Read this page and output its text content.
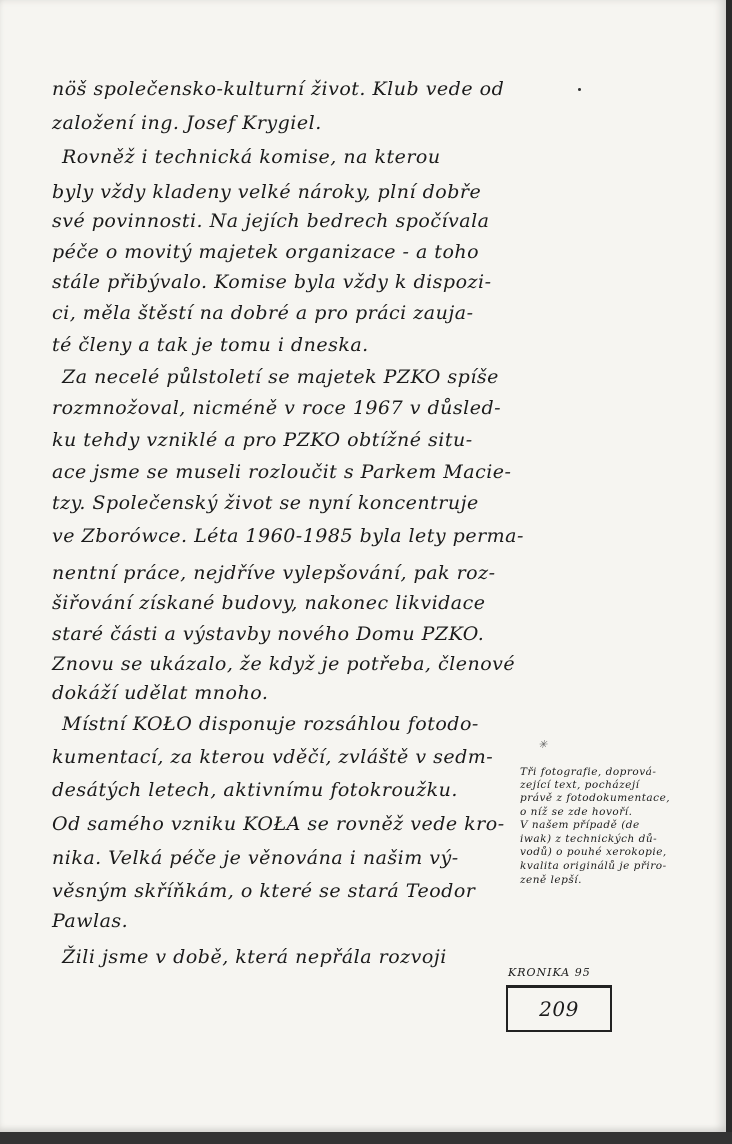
nöš společensko-kulturní život. Klub vede od
založení ing. Josef Krygiel.
Rovněž i technická komise, na kterou
byly vždy kladeny velké nároky, plní dobře
své povinnosti. Na jejích bedrech spočívala
péče o movitý majetek organizace - a toho
stále přibývalo. Komise byla vždy k dispozi-
ci, měla štěstí na dobré a pro práci zauja-
té členy a tak je tomu i dneska.
Za necelé půlstoletí se majetek PZKO spíše
rozmnožoval, nicméně v roce 1967 v důsled-
ku tehdy vzniklé a pro PZKO obtížné situ-
ace jsme se museli rozloučit s Parkem Macie-
tzy. Společenský život se nyní koncentruje
ve Zborówce. Léta 1960-1985 byla lety perma-
nentní práce, nejdříve vylepšování, pak roz-
šiřování získané budovy, nakonec likvidace
staré části a výstavby nového Domu PZKO.
Znovu se ukázalo, že když je potřeba, členové
dokáží udělat mnoho.
Místní KOŁO disponuje rozsáhlou fotodo-
kumentací, za kterou vděčí, zvláště v sedm-
desátých letech, aktivnímu fotokroužku.
Od samého vzniku KOŁA se rovněž vede kro-
nika. Velká péče je věnována i našim vý-
věsným skříňkám, o které se stará Teodor
Pawlas.
Žili jsme v době, která nepřála rozvoji
✳
Tři fotografie, doprová-
zející text, pocházejí
právě z fotodokumentace,
o níž se zde hovoří.
V našem případě (de
iwak) z technických dů-
vodů) o pouhé xerokopie,
kvalita originálů je přiro-
zeně lepší.
KRONIKA 95
209
